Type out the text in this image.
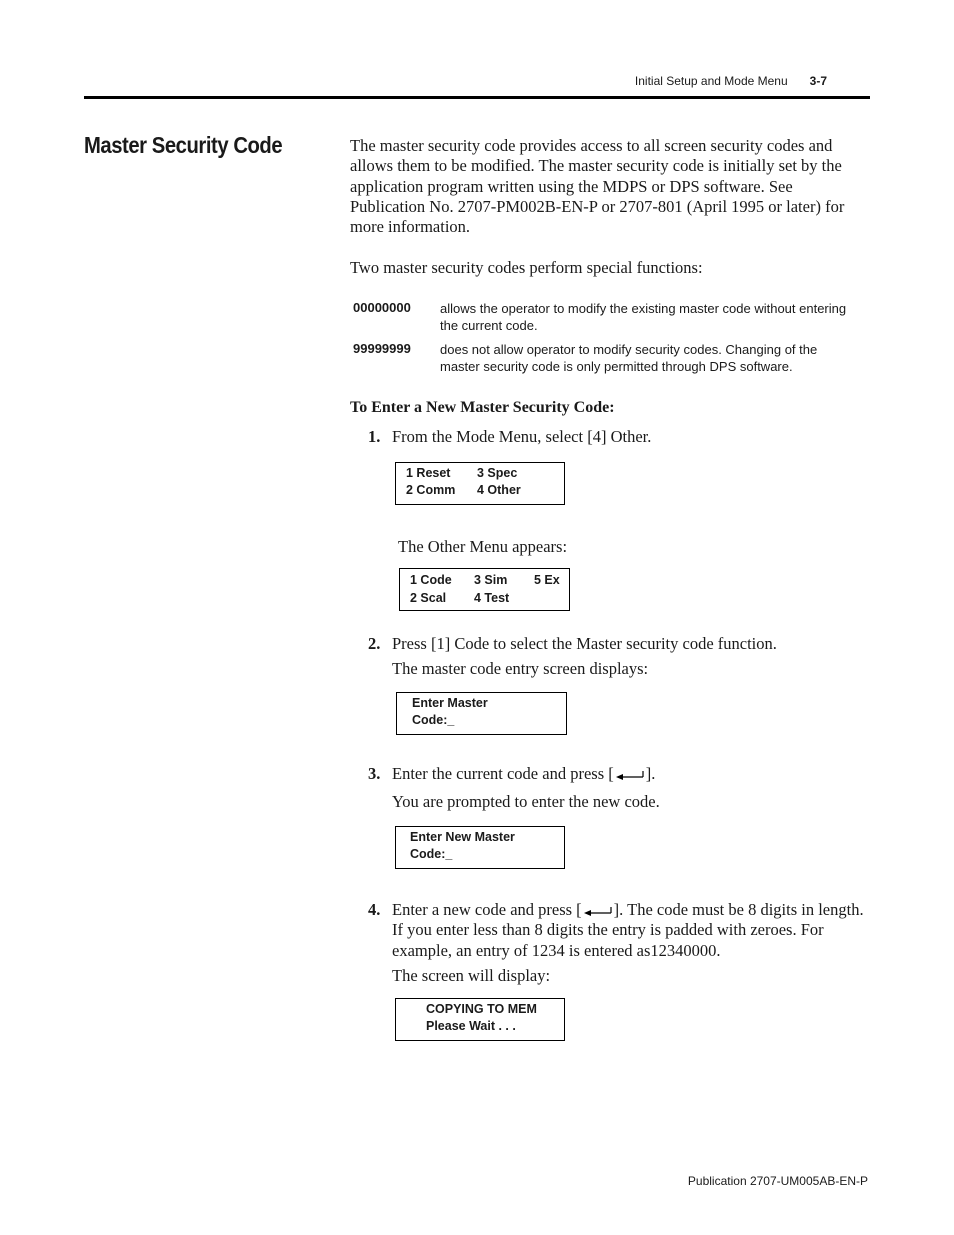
Initial Setup and Mode Menu 3-7
Master Security Code	The master security code provides access to all screen security codes and allows them to be modified. The master security code is initially set by the application program written using the MDPS or DPS software. See Publication No. 2707-PM002B-EN-P or 2707-801 (April 1995 or later) for more information.
Two master security codes perform special functions:
00000000 allows the operator to modify the existing master code without entering the current code.
99999999 does not allow operator to modify security codes. Changing of the master security code is only permitted through DPS software.
To Enter a New Master Security Code:
1. From the Mode Menu, select [4] Other.
1 Reset 3 Spec
2 Comm 4 Other
The Other Menu appears:
1 Code 3 Sim 5 Ex
2 Scal 4 Test
2. Press [1] Code to select the Master security code function.
The master code entry screen displays:
Enter Master
Code:_
3. Enter the current code and press [ ].
You are prompted to enter the new code.
Enter New Master
Code:_
4. Enter a new code and press [ ]. The code must be 8 digits in length. If you enter less than 8 digits the entry is padded with zeroes. For example, an entry of 1234 is entered as12340000.
The screen will display:
COPYING TO MEM
Please Wait . . .
Publication 2707-UM005AB-EN-P
